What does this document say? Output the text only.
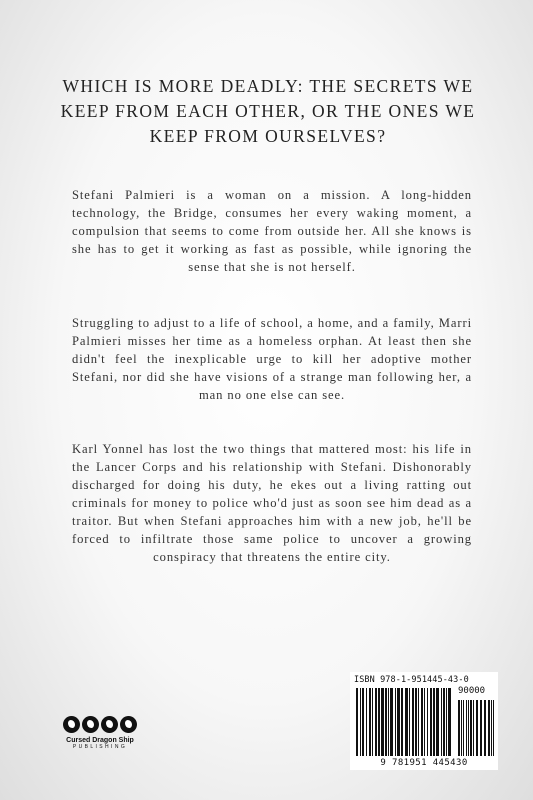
WHICH IS MORE DEADLY: THE SECRETS WE KEEP FROM EACH OTHER, OR THE ONES WE KEEP FROM OURSELVES?
Stefani Palmieri is a woman on a mission. A long-hidden technology, the Bridge, consumes her every waking moment, a compulsion that seems to come from outside her. All she knows is she has to get it working as fast as possible, while ignoring the sense that she is not herself.
Struggling to adjust to a life of school, a home, and a family, Marri Palmieri misses her time as a homeless orphan. At least then she didn't feel the inexplicable urge to kill her adoptive mother Stefani, nor did she have visions of a strange man following her, a man no one else can see.
Karl Yonnel has lost the two things that mattered most: his life in the Lancer Corps and his relationship with Stefani. Dishonorably discharged for doing his duty, he ekes out a living ratting out criminals for money to police who'd just as soon see him dead as a traitor. But when Stefani approaches him with a new job, he'll be forced to infiltrate those same police to uncover a growing conspiracy that threatens the entire city.
Cursed Dragon Ship
PUBLISHING
ISBN 978-1-951445-43-0
90000
9 781951 445430
